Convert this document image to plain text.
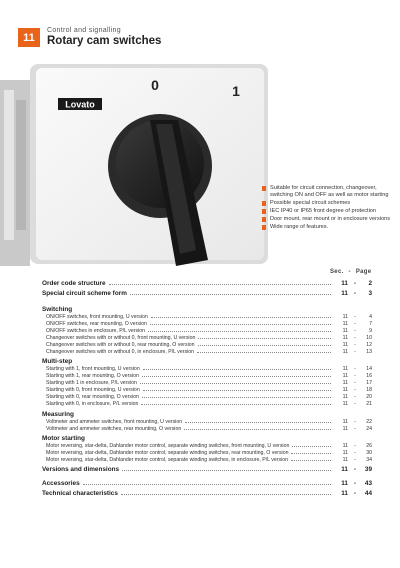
11
Control and signalling
Rotary cam switches
Lovato
0	1
Suitable for circuit connection, changeover, switching ON and OFF as well as motor starting
Possible special circuit schemes
IEC IP40 or IP65 front degree of protection
Door mount, rear mount or in enclosure versions
Wide range of features.
Sec. - Page
Order code structure	11 -	2
Special circuit scheme form	11 -	3
Switching
ON/OFF switches, front mounting, U version	11	-	4
ON/OFF switches, rear mounting, O version	11	-	7
ON/OFF switches in enclosure, P/L version	11	-	9
Changeover switches with or without 0, front mounting, U version	11	-	10
Changeover switches with or without 0, rear mounting, O version	11	-	12
Changeover switches with or without 0, in enclosure, P/L version	11	-	13
Multi-step
Starting with 1, front mounting, U version	11	-	14
Starting with 1, rear mounting, O version	11	-	16
Starting with 1 in enclosure, P/L version	11	-	17
Starting with 0, front mounting, U version	11	-	18
Starting with 0, rear mounting, O version	11	-	20
Starting with 0, in enclosure, P/L version	11	-	21
Measuring
Voltmeter and ammeter switches, front mounting, U version	11	-	22
Voltmeter and ammeter switches, rear mounting, O version	11	-	24
Motor starting
Motor reversing, star-delta, Dahlander motor control, separate winding switches, front mounting, U version	11	-	26
Motor reversing, star-delta, Dahlander motor control, separate winding switches, rear mounting, O version	11	-	30
Motor reversing, star-delta, Dahlander motor control, separate winding switches, in enclosure, P/L version	11	-	34
Versions and dimensions	11 -	39
Accessories	11 -	43
Technical characteristics	11 -	44
